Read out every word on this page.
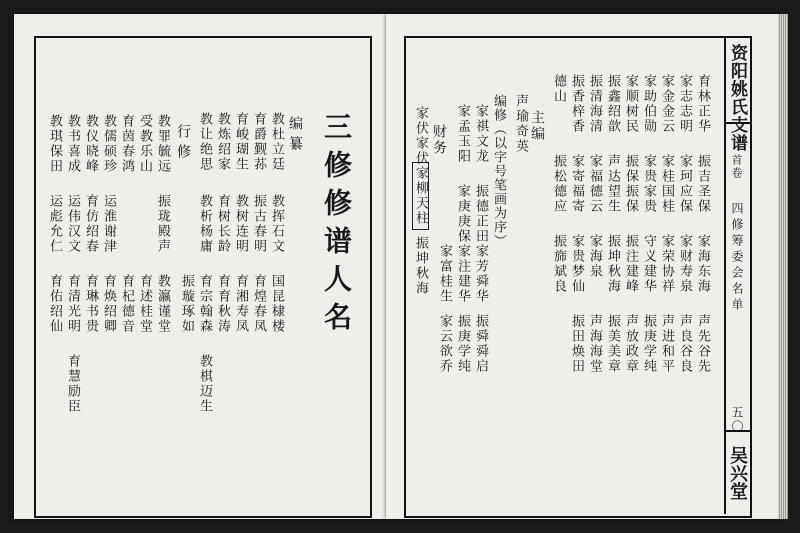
三修修谱人名
编纂
行修	教杜立廷
国昆棣楼
育爵觐荪
育煌春凤
育峻瑚生
育湘寿凤
教炼绍家
育育秋涛
教让绝思
育宗翰森
教挥石文
振古春明
教树连明
育树长龄
教析杨庸
教棋迈生
振璇琢如
教罪毓远
振珑殿声
教瀛谨堂
受教乐山
育述桂堂
育茵春鸿
育杞德音
教儒硕珍
育焕绍卿
教仪晓峰
育琳书贵
教书喜成
育清光明
教琪保田
育佑绍仙
运彪允仁 运伟汉文 育仿绍春 运淮谢津
育慧励臣
资阳姚氏支谱
首卷
四修筹委会名单
五〇
吴兴堂
育林正华
振吉圣保
家海东海
声先谷先
家志志明
家珂应保
家财寿泉
声良谷良
家金金云
家桂国桂
家荣协祥
声进和平
家助伯勋
家贵家贵
守义建华
振庚学纯
家顺树民
振保振保
振注建峰
声放政章
振鑫绍歆
声达望生
振坤秋海
振美美章
振清海清
家福德云
家海泉
声海海堂
振香梓香
家寄福寄
家贵梦仙
振田焕田
德山
振松德应
振旆斌良
主编
声瑜奇英
编修（以字号笔画为序）
家祺文龙
振德正田
家芳舜华
振舜舜启
家孟玉阳
家庚庚保
家注建华
振庚学纯
家富桂生
家云欲乔
财务
家伏家伏
家柳天柱
振坤秋海
